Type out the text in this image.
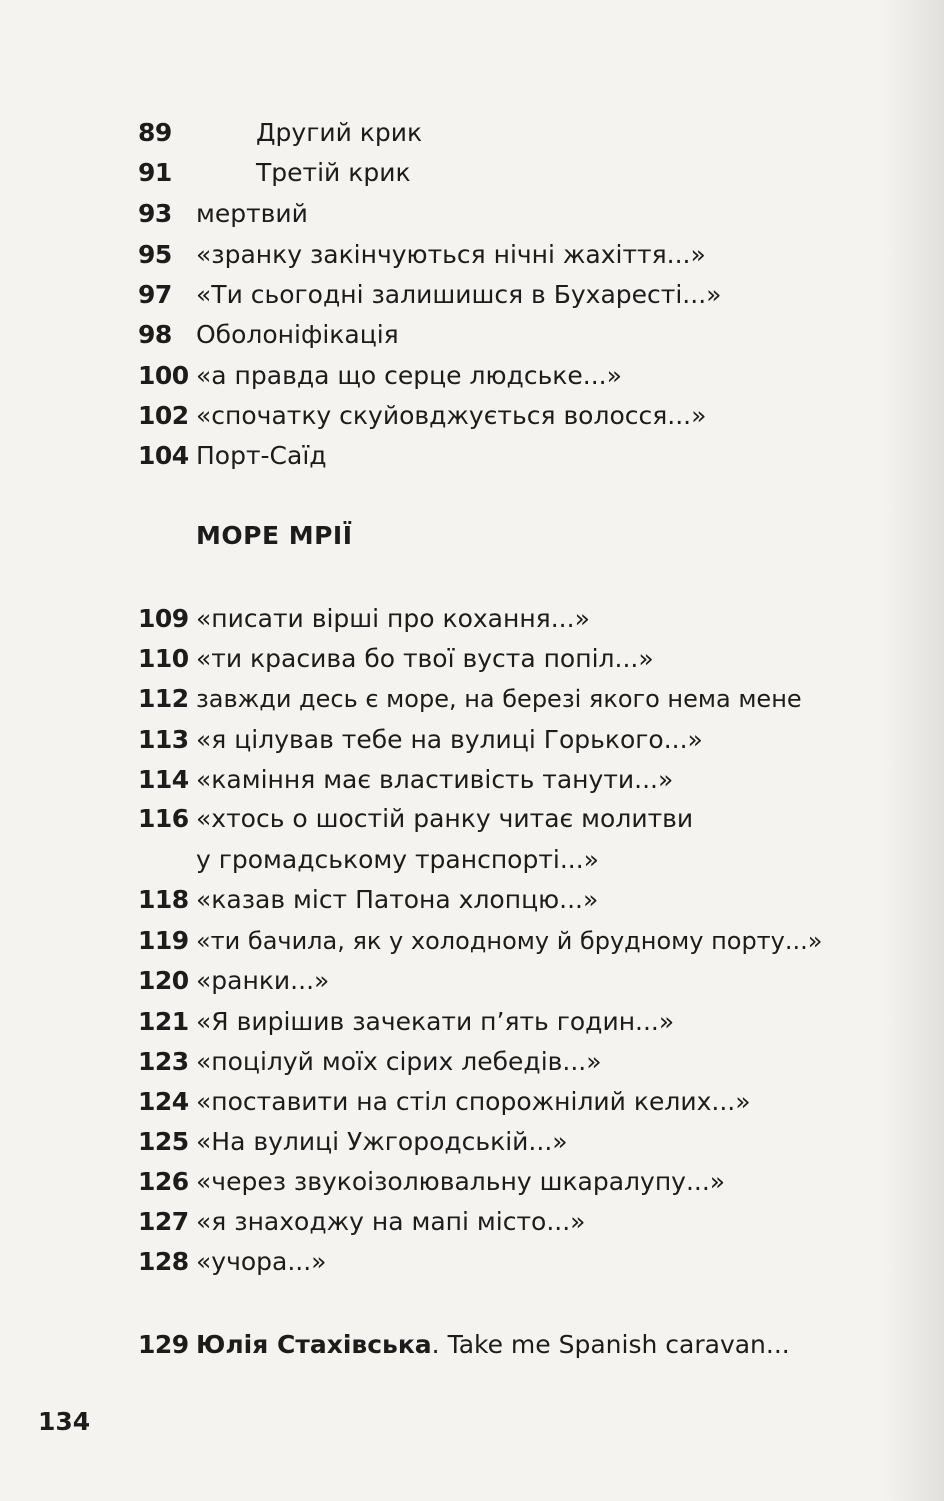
89	Другий крик
91	Третій крик
93 мертвий
95 «зранку закінчуються нічні жахіття...»
97 «Ти сьогодні залишишся в Бухаресті...»
98 Оболоніфікація
100 «а правда що серце людське...»
102 «спочатку скуйовджується волосся...»
104 Порт-Саїд
МОРЕ МРІЇ
109 «писати вірші про кохання...»
110 «ти красива бо твої вуста попіл...»
112 завжди десь є море, на березі якого нема мене
113 «я цілував тебе на вулиці Горького...»
114 «каміння має властивість танути...»
116 «хтось о шостій ранку читає молитви
у громадському транспорті...»
118 «казав міст Патона хлопцю...»
119 «ти бачила, як у холодному й брудному порту...»
120 «ранки...»
121 «Я вирішив зачекати п’ять годин...»
123 «поцілуй моїх сірих лебедів...»
124 «поставити на стіл спорожнілий келих...»
125 «На вулиці Ужгородській...»
126 «через звукоізолювальну шкаралупу...»
127 «я знаходжу на мапі місто...»
128 «учора...»
129 Юлія Стахівська. Take me Spanish caravan...
134
